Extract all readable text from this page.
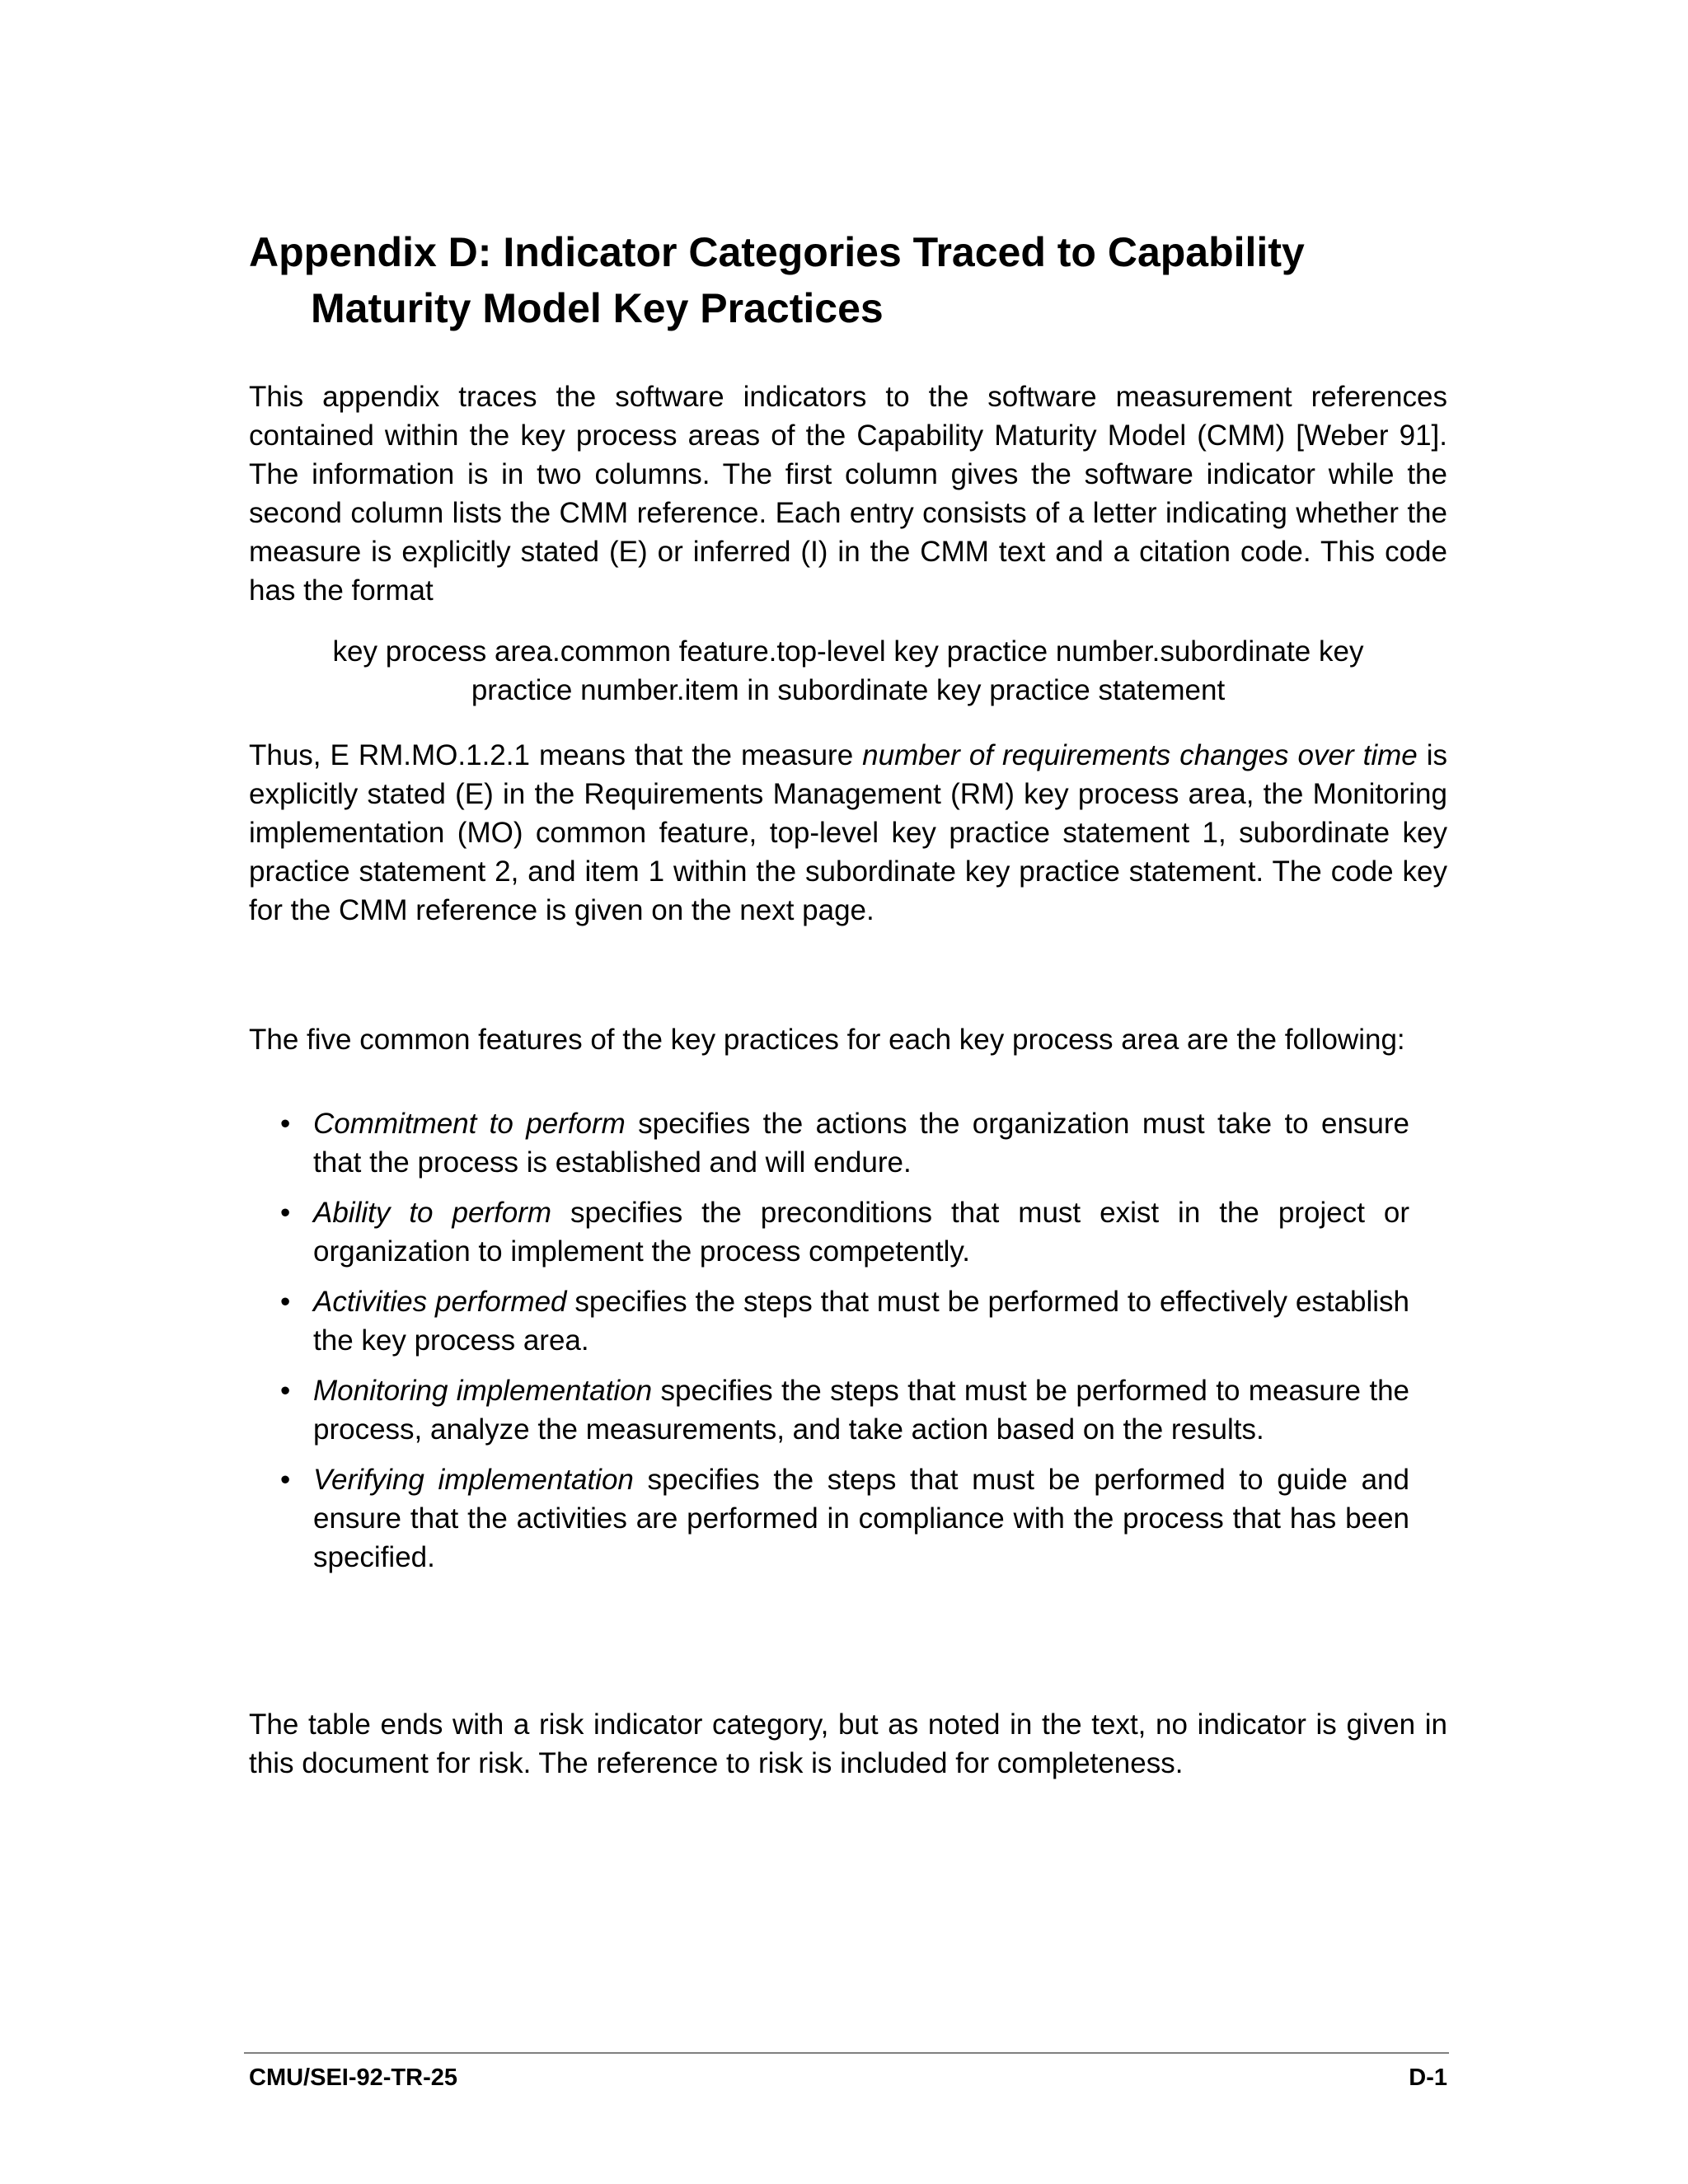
Appendix D: Indicator Categories Traced to Capability
Maturity Model Key Practices

This appendix traces the software indicators to the software measurement references contained within the key process areas of the Capability Maturity Model (CMM) [Weber 91]. The information is in two columns. The first column gives the software indicator while the second column lists the CMM reference. Each entry consists of a letter indicating whether the measure is explicitly stated (E) or inferred (I) in the CMM text and a citation code. This code has the format

key process area.common feature.top-level key practice number.subordinate key
practice number.item in subordinate key practice statement

Thus, E RM.MO.1.2.1 means that the measure number of requirements changes over time is explicitly stated (E) in the Requirements Management (RM) key process area, the Monitoring implementation (MO) common feature, top-level key practice statement 1, subordinate key practice statement 2, and item 1 within the subordinate key practice statement. The code key for the CMM reference is given on the next page.

The five common features of the key practices for each key process area are the following:

• Commitment to perform specifies the actions the organization must take to ensure that the process is established and will endure.
• Ability to perform specifies the preconditions that must exist in the project or organization to implement the process competently.
• Activities performed specifies the steps that must be performed to effectively establish the key process area.
• Monitoring implementation specifies the steps that must be performed to measure the process, analyze the measurements, and take action based on the results.
• Verifying implementation specifies the steps that must be performed to guide and ensure that the activities are performed in compliance with the process that has been specified.

The table ends with a risk indicator category, but as noted in the text, no indicator is given in this document for risk. The reference to risk is included for completeness.

CMU/SEI-92-TR-25	D-1
